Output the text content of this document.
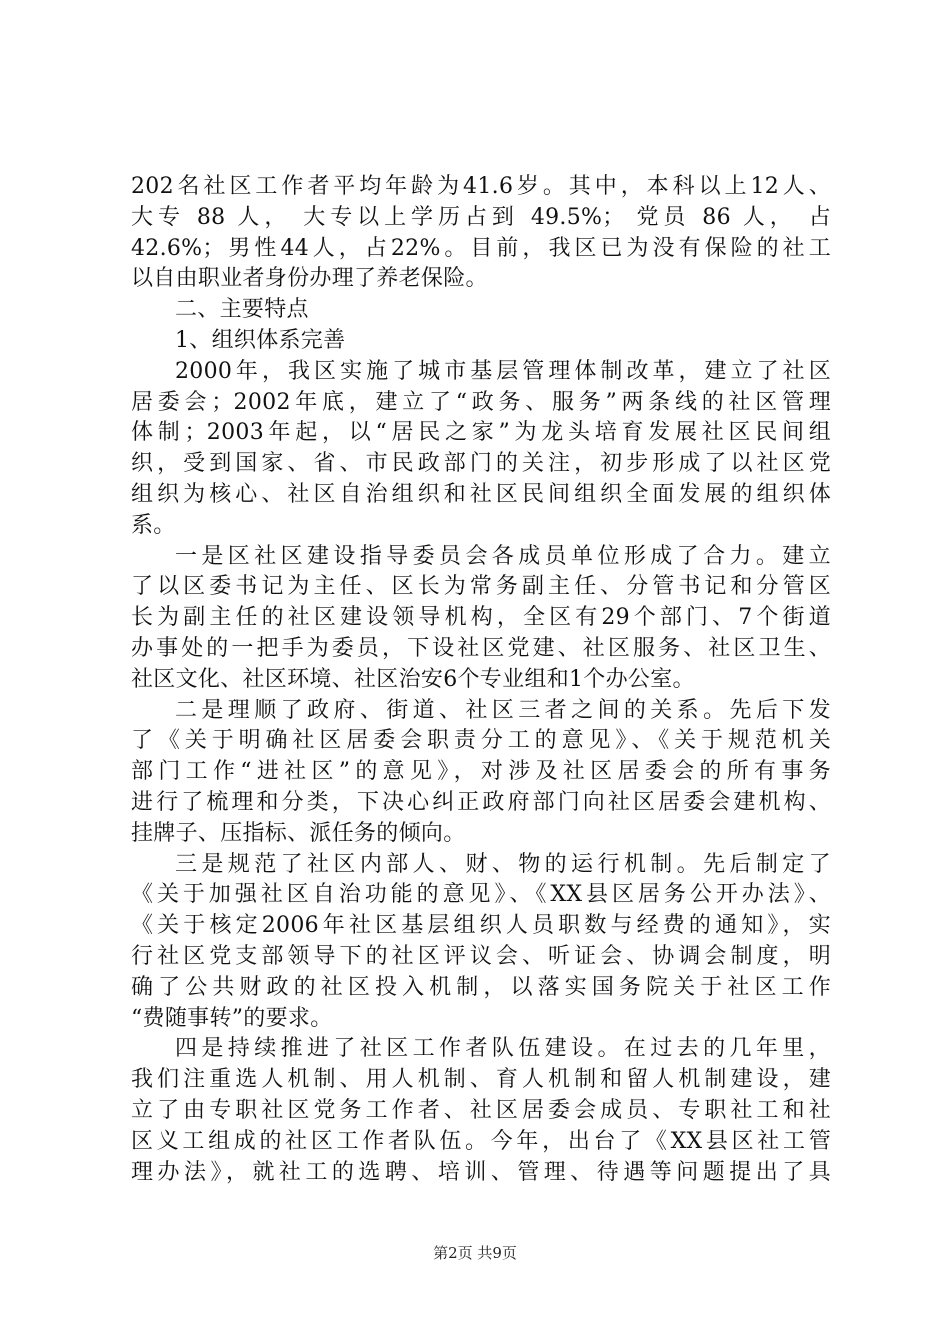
202名社区工作者平均年龄为41.6岁。其中，本科以上12人、
大专 88 人， 大专以上学历占到 49.5%； 党员 86 人， 占
42.6%；男性44人，占22%。目前，我区已为没有保险的社工
以自由职业者身份办理了养老保险。
二、主要特点
1、组织体系完善
2000年，我区实施了城市基层管理体制改革，建立了社区
居委会；2002年底，建立了“政务、服务”两条线的社区管理
体制；2003年起，以“居民之家”为龙头培育发展社区民间组
织，受到国家、省、市民政部门的关注，初步形成了以社区党
组织为核心、社区自治组织和社区民间组织全面发展的组织体
系。
一是区社区建设指导委员会各成员单位形成了合力。建立
了以区委书记为主任、区长为常务副主任、分管书记和分管区
长为副主任的社区建设领导机构，全区有29个部门、7个街道
办事处的一把手为委员，下设社区党建、社区服务、社区卫生、
社区文化、社区环境、社区治安6个专业组和1个办公室。
二是理顺了政府、街道、社区三者之间的关系。先后下发
了《关于明确社区居委会职责分工的意见》、《关于规范机关
部门工作“进社区”的意见》，对涉及社区居委会的所有事务
进行了梳理和分类，下决心纠正政府部门向社区居委会建机构、
挂牌子、压指标、派任务的倾向。
三是规范了社区内部人、财、物的运行机制。先后制定了
《关于加强社区自治功能的意见》、《XX县区居务公开办法》、
《关于核定2006年社区基层组织人员职数与经费的通知》，实
行社区党支部领导下的社区评议会、听证会、协调会制度，明
确了公共财政的社区投入机制，以落实国务院关于社区工作
“费随事转”的要求。
四是持续推进了社区工作者队伍建设。在过去的几年里，
我们注重选人机制、用人机制、育人机制和留人机制建设，建
立了由专职社区党务工作者、社区居委会成员、专职社工和社
区义工组成的社区工作者队伍。今年，出台了《XX县区社工管
理办法》，就社工的选聘、培训、管理、待遇等问题提出了具
第2页 共9页
